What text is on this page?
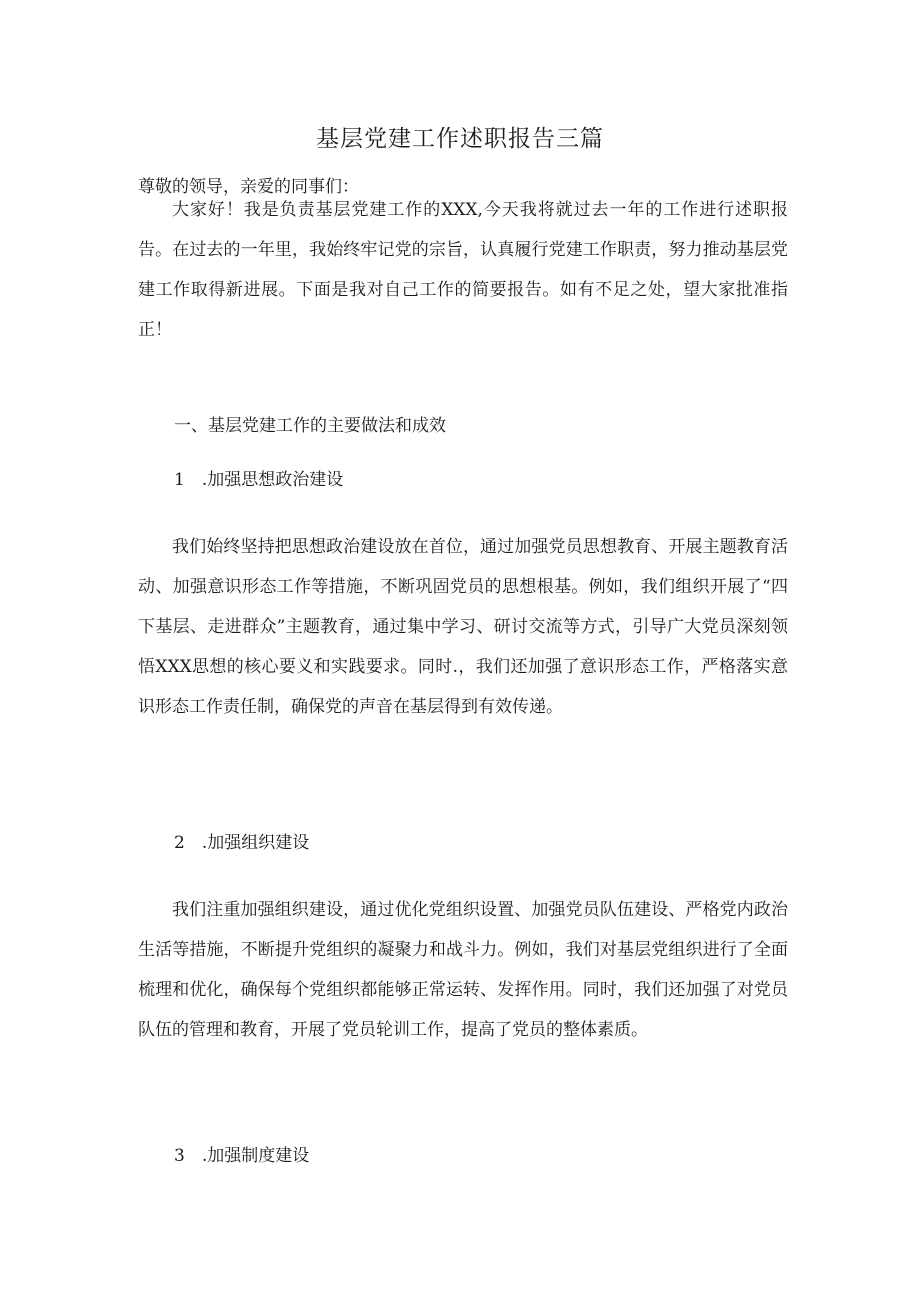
基层党建工作述职报告三篇
尊敬的领导，亲爱的同事们：

大家好！我是负责基层党建工作的XXX,今天我将就过去一年的工作进行述职报告。在过去的一年里，我始终牢记党的宗旨，认真履行党建工作职责，努力推动基层党建工作取得新进展。下面是我对自己工作的简要报告。如有不足之处，望大家批准指正！

一、基层党建工作的主要做法和成效
1　.加强思想政治建设

我们始终坚持把思想政治建设放在首位，通过加强党员思想教育、开展主题教育活动、加强意识形态工作等措施，不断巩固党员的思想根基。例如，我们组织开展了“四下基层、走进群众”主题教育，通过集中学习、研讨交流等方式，引导广大党员深刻领悟XXX思想的核心要义和实践要求。同时.，我们还加强了意识形态工作，严格落实意识形态工作责任制，确保党的声音在基层得到有效传递。

2　.加强组织建设

我们注重加强组织建设，通过优化党组织设置、加强党员队伍建设、严格党内政治生活等措施，不断提升党组织的凝聚力和战斗力。例如，我们对基层党组织进行了全面梳理和优化，确保每个党组织都能够正常运转、发挥作用。同时，我们还加强了对党员队伍的管理和教育，开展了党员轮训工作，提高了党员的整体素质。

3　.加强制度建设
